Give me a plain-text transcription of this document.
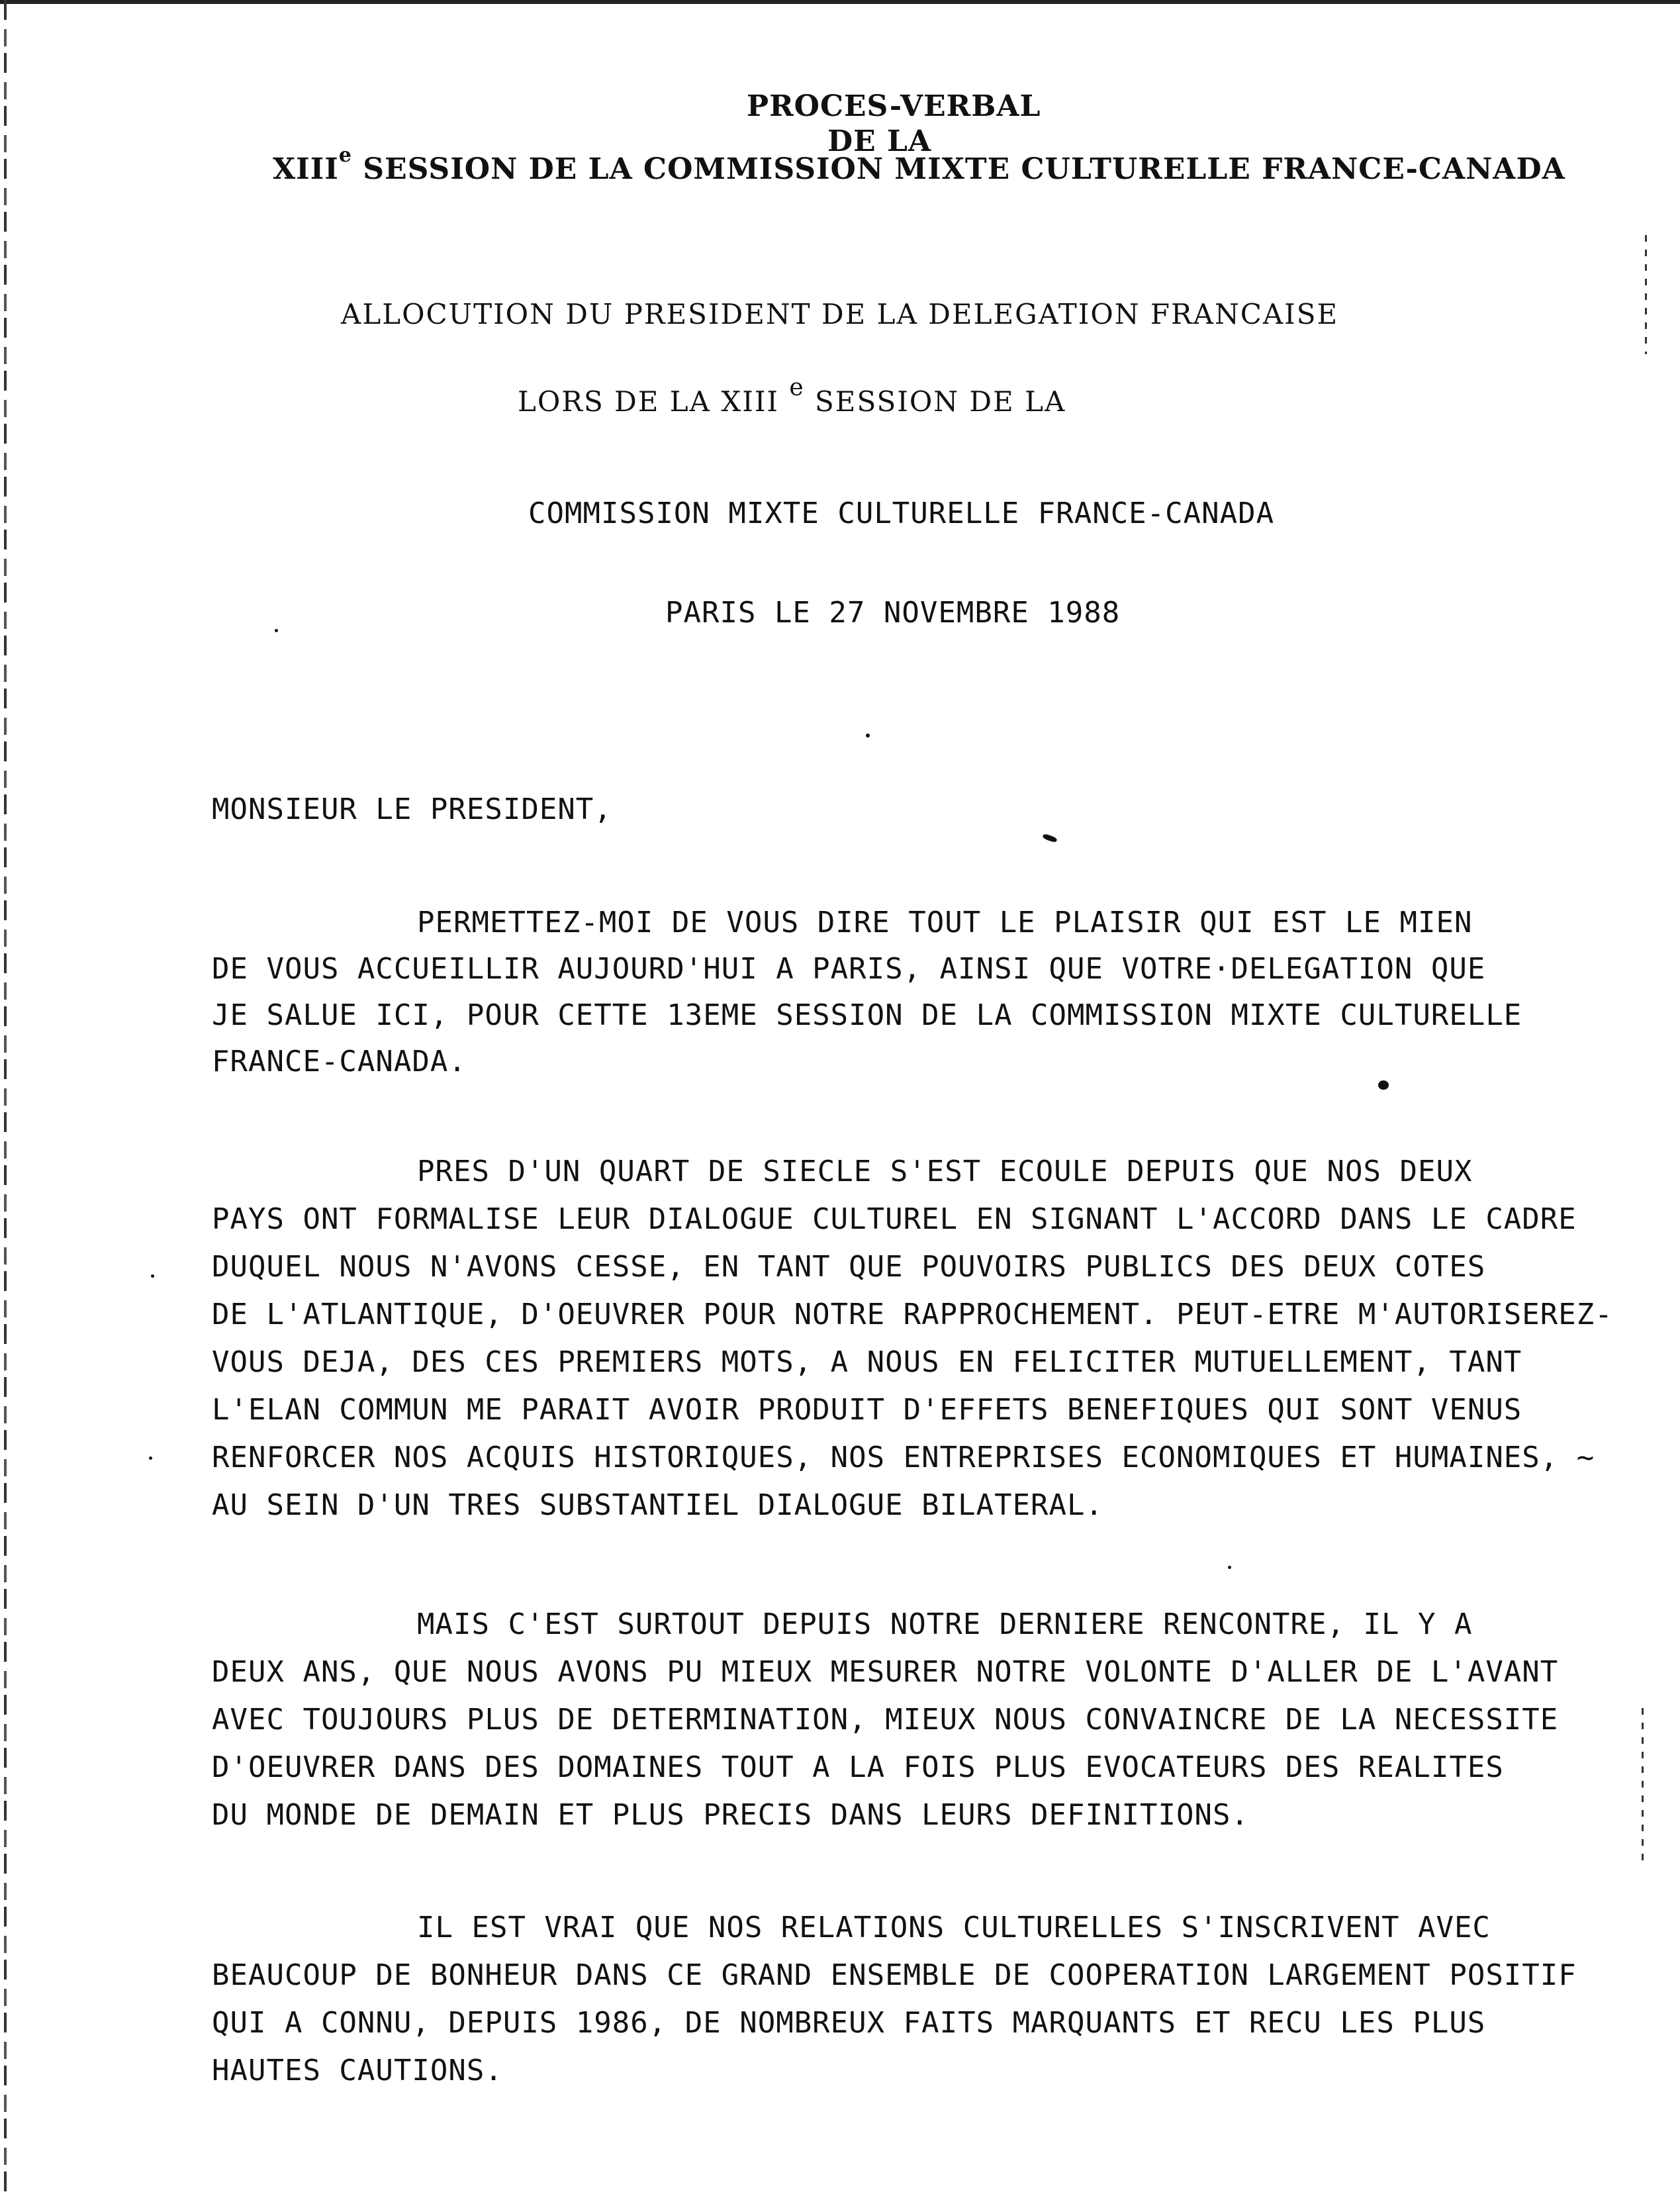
PROCES-VERBAL
DE LA
XIIIe SESSION DE LA COMMISSION MIXTE CULTURELLE FRANCE-CANADA
ALLOCUTION DU PRESIDENT DE LA DELEGATION FRANCAISE
LORS DE LA XIII e SESSION DE LA
COMMISSION MIXTE CULTURELLE FRANCE-CANADA
PARIS LE 27 NOVEMBRE 1988
MONSIEUR LE PRESIDENT,
PERMETTEZ-MOI DE VOUS DIRE TOUT LE PLAISIR QUI EST LE MIEN
DE VOUS ACCUEILLIR AUJOURD'HUI A PARIS, AINSI QUE VOTRE·DELEGATION QUE
JE SALUE ICI, POUR CETTE 13EME SESSION DE LA COMMISSION MIXTE CULTURELLE
FRANCE-CANADA.
PRES D'UN QUART DE SIECLE S'EST ECOULE DEPUIS QUE NOS DEUX
PAYS ONT FORMALISE LEUR DIALOGUE CULTUREL EN SIGNANT L'ACCORD DANS LE CADRE
DUQUEL NOUS N'AVONS CESSE, EN TANT QUE POUVOIRS PUBLICS DES DEUX COTES
DE L'ATLANTIQUE, D'OEUVRER POUR NOTRE RAPPROCHEMENT. PEUT-ETRE M'AUTORISEREZ-
VOUS DEJA, DES CES PREMIERS MOTS, A NOUS EN FELICITER MUTUELLEMENT, TANT
L'ELAN COMMUN ME PARAIT AVOIR PRODUIT D'EFFETS BENEFIQUES QUI SONT VENUS
RENFORCER NOS ACQUIS HISTORIQUES, NOS ENTREPRISES ECONOMIQUES ET HUMAINES, ~
AU SEIN D'UN TRES SUBSTANTIEL DIALOGUE BILATERAL.
MAIS C'EST SURTOUT DEPUIS NOTRE DERNIERE RENCONTRE, IL Y A
DEUX ANS, QUE NOUS AVONS PU MIEUX MESURER NOTRE VOLONTE D'ALLER DE L'AVANT
AVEC TOUJOURS PLUS DE DETERMINATION, MIEUX NOUS CONVAINCRE DE LA NECESSITE
D'OEUVRER DANS DES DOMAINES TOUT A LA FOIS PLUS EVOCATEURS DES REALITES
DU MONDE DE DEMAIN ET PLUS PRECIS DANS LEURS DEFINITIONS.
IL EST VRAI QUE NOS RELATIONS CULTURELLES S'INSCRIVENT AVEC
BEAUCOUP DE BONHEUR DANS CE GRAND ENSEMBLE DE COOPERATION LARGEMENT POSITIF
QUI A CONNU, DEPUIS 1986, DE NOMBREUX FAITS MARQUANTS ET RECU LES PLUS
HAUTES CAUTIONS.
